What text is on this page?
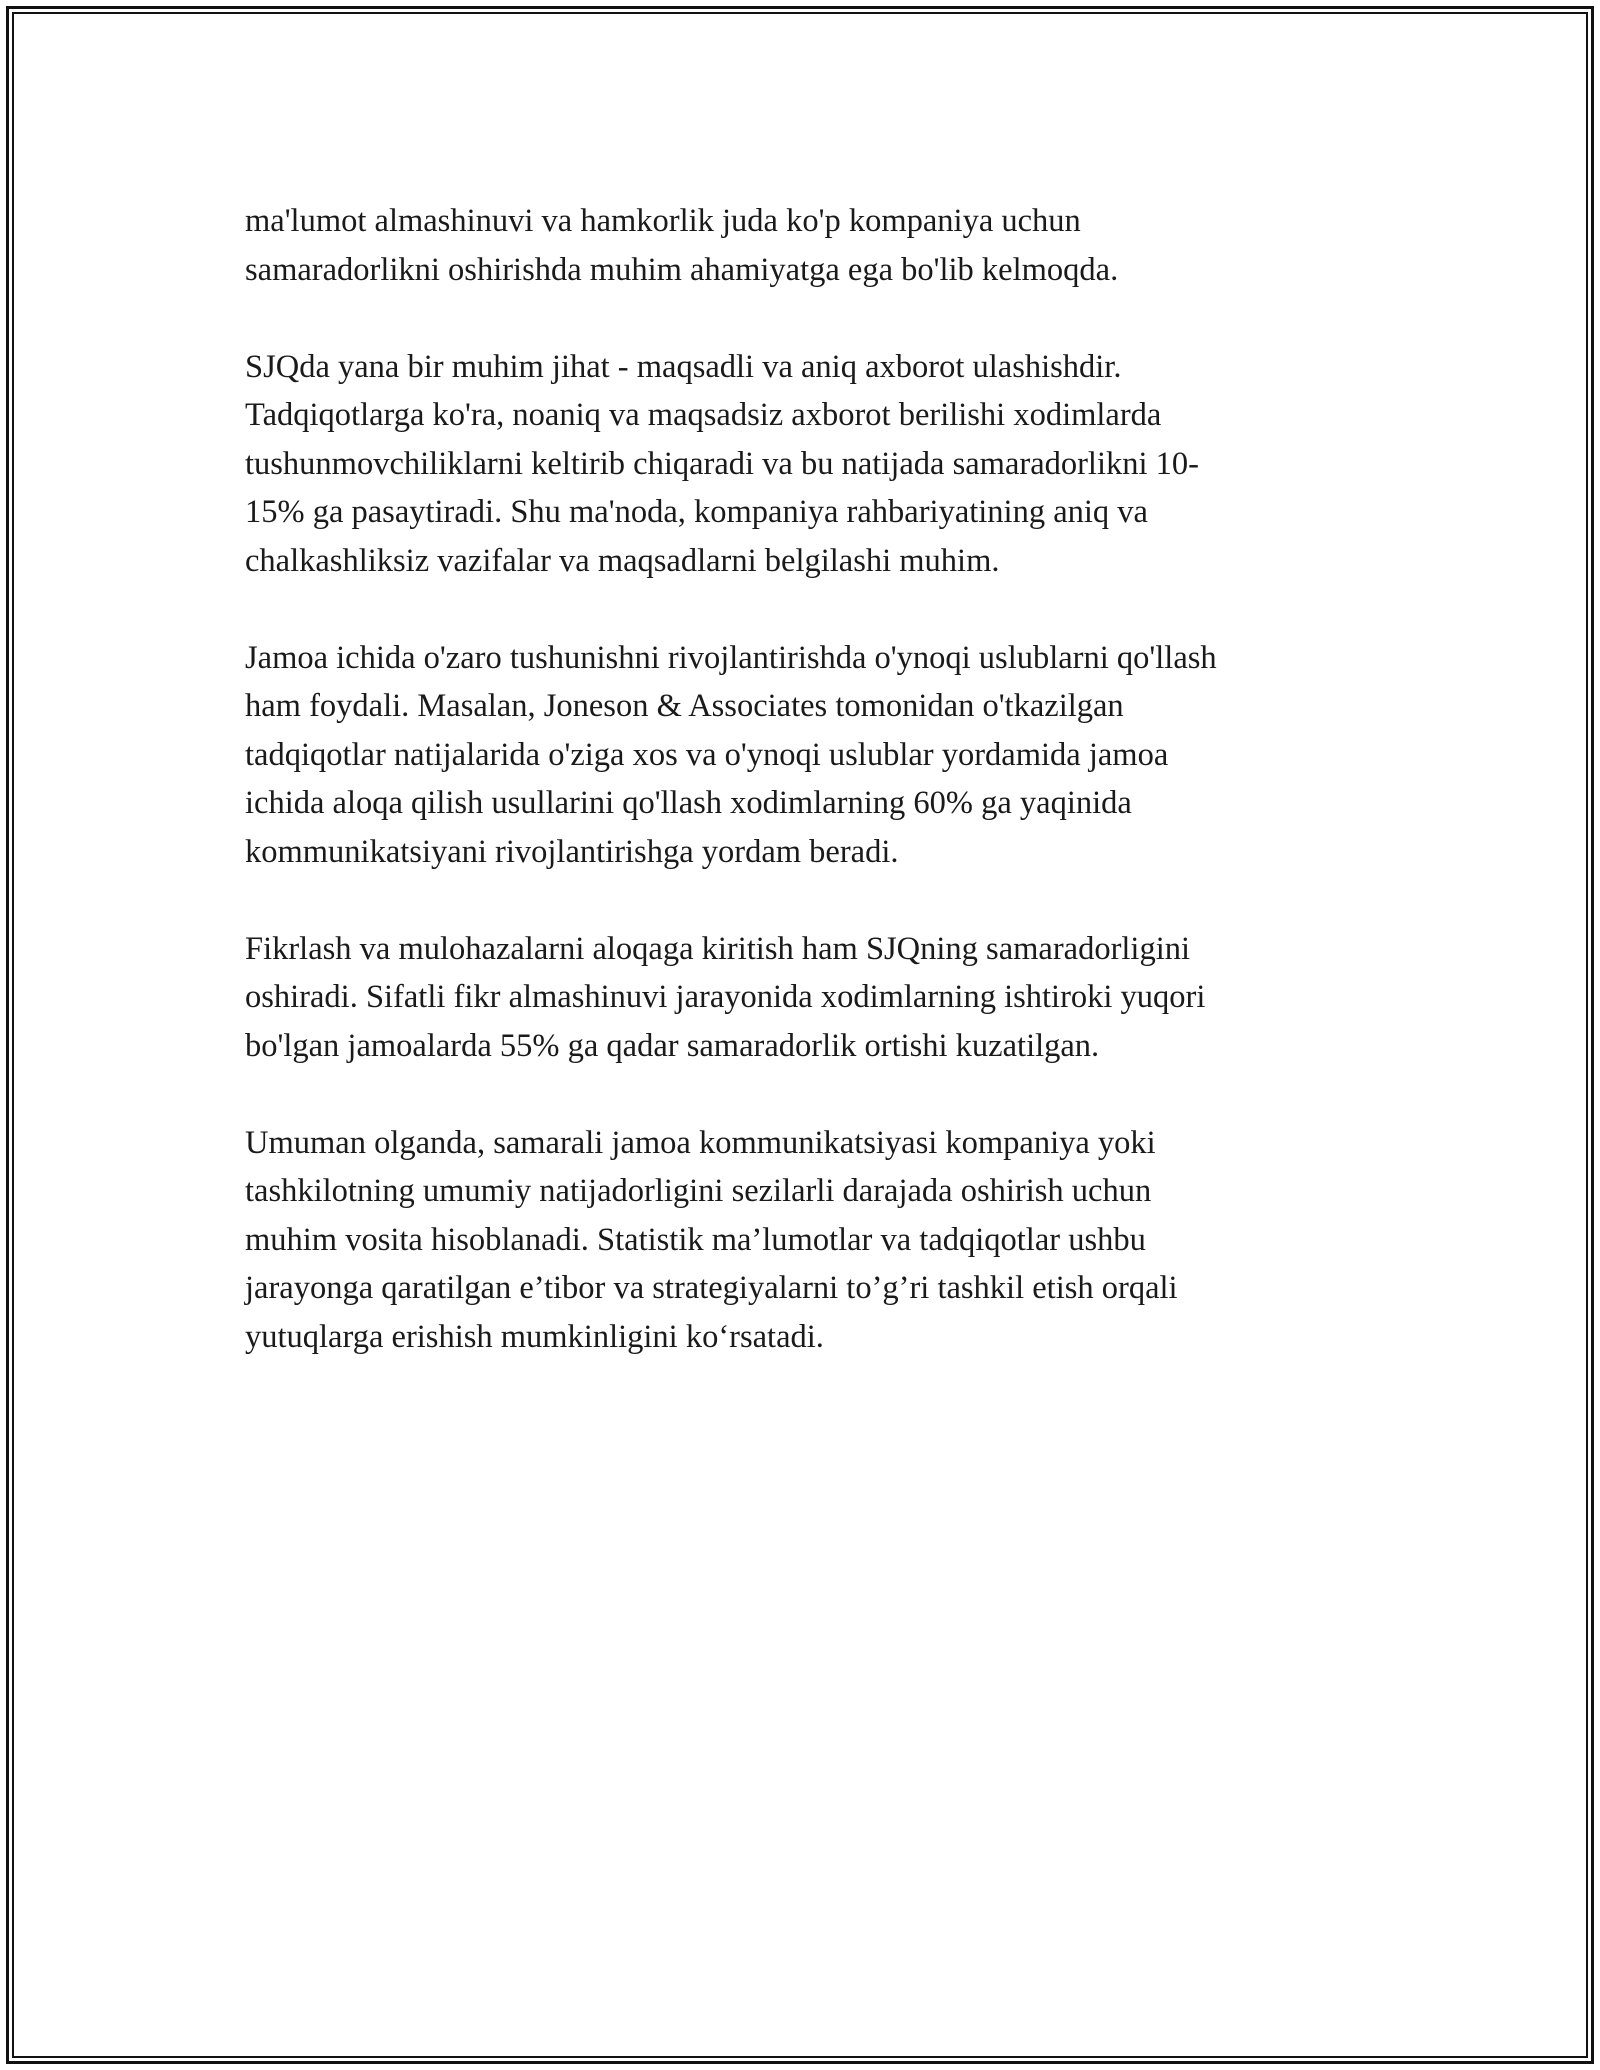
ma'lumot almashinuvi va hamkorlik juda ko'p kompaniya uchun
samaradorlikni oshirishda muhim ahamiyatga ega bo'lib kelmoqda.

SJQda yana bir muhim jihat - maqsadli va aniq axborot ulashishdir.
Tadqiqotlarga ko'ra, noaniq va maqsadsiz axborot berilishi xodimlarda
tushunmovchiliklarni keltirib chiqaradi va bu natijada samaradorlikni 10-
15% ga pasaytiradi. Shu ma'noda, kompaniya rahbariyatining aniq va
chalkashliksiz vazifalar va maqsadlarni belgilashi muhim.

Jamoa ichida o'zaro tushunishni rivojlantirishda o'ynoqi uslublarni qo'llash
ham foydali. Masalan, Joneson & Associates tomonidan o'tkazilgan
tadqiqotlar natijalarida o'ziga xos va o'ynoqi uslublar yordamida jamoa
ichida aloqa qilish usullarini qo'llash xodimlarning 60% ga yaqinida
kommunikatsiyani rivojlantirishga yordam beradi.

Fikrlash va mulohazalarni aloqaga kiritish ham SJQning samaradorligini
oshiradi. Sifatli fikr almashinuvi jarayonida xodimlarning ishtiroki yuqori
bo'lgan jamoalarda 55% ga qadar samaradorlik ortishi kuzatilgan.

Umuman olganda, samarali jamoa kommunikatsiyasi kompaniya yoki
tashkilotning umumiy natijadorligini sezilarli darajada oshirish uchun
muhim vosita hisoblanadi. Statistik ma’lumotlar va tadqiqotlar ushbu
jarayonga qaratilgan e’tibor va strategiyalarni to’g’ri tashkil etish orqali
yutuqlarga erishish mumkinligini ko‘rsatadi.
